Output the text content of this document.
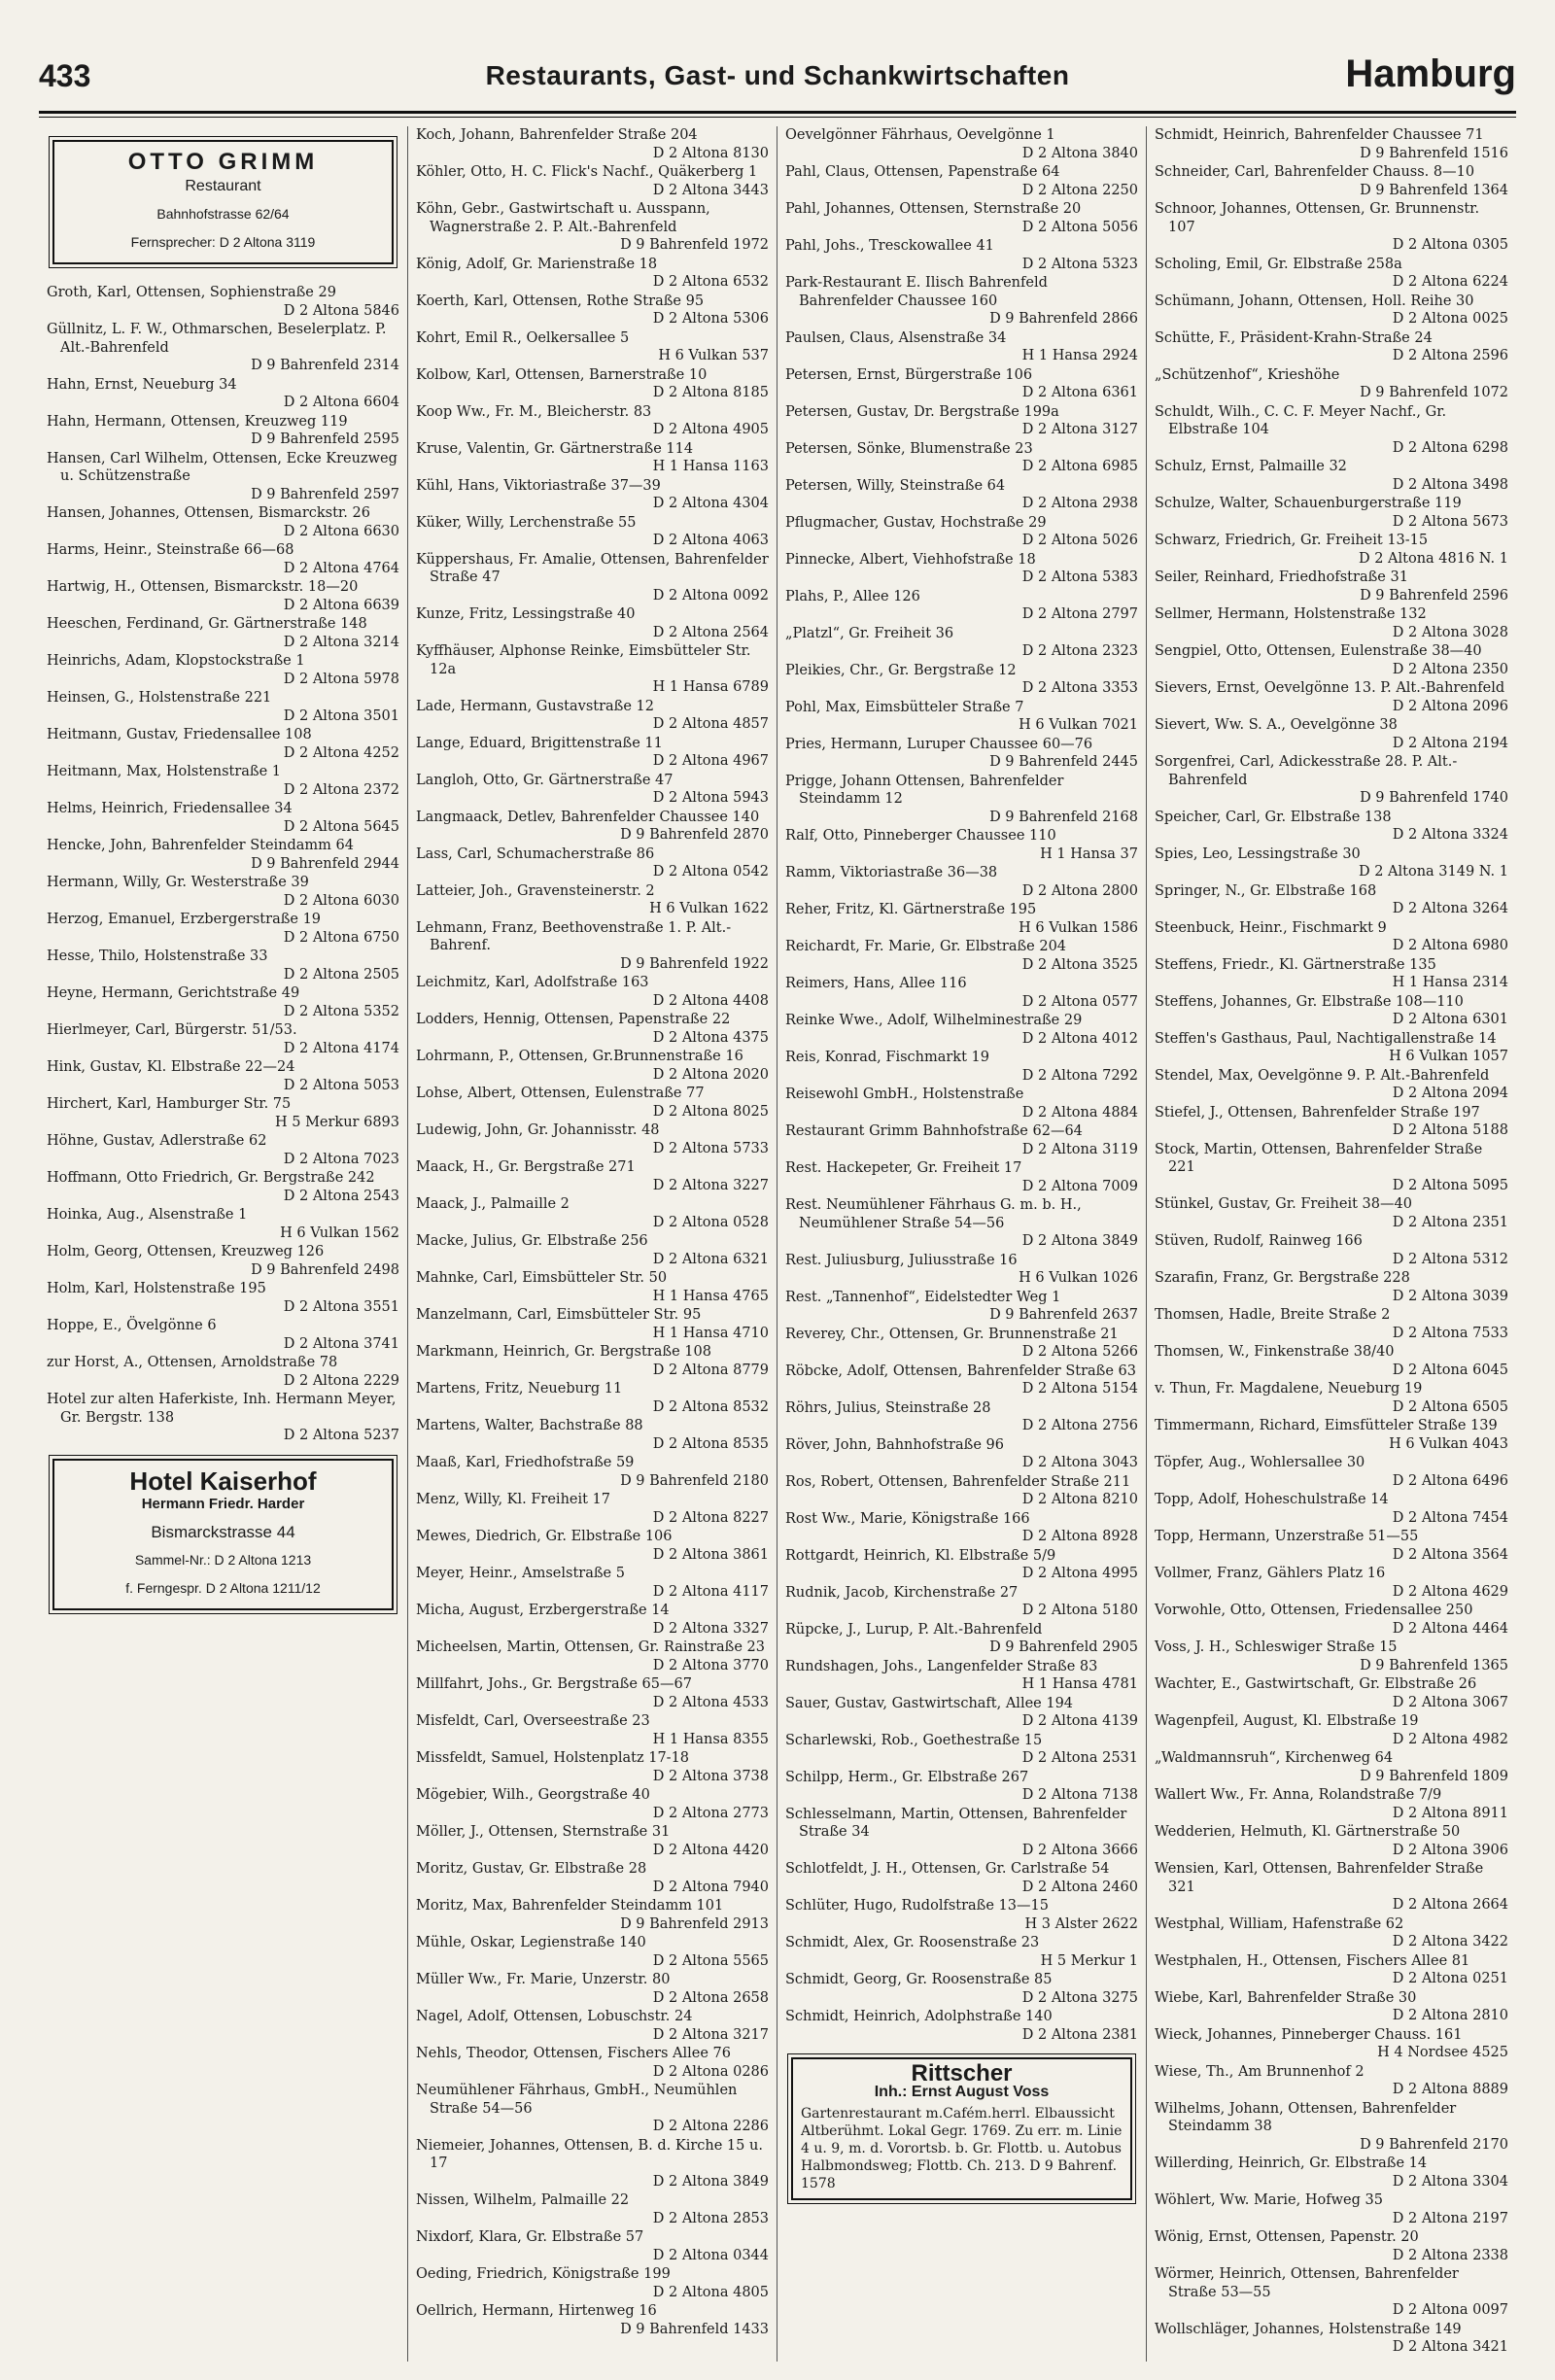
433	Restaurants, Gast- und Schankwirtschaften	Hamburg
OTTO GRIMM
Restaurant
Bahnhofstrasse 62/64
Fernsprecher: D 2 Altona 3119
Groth, Karl, Ottensen, Sophienstraße 29
D 2 Altona 5846
Güllnitz, L. F. W., Othmarschen, Beselerplatz. P. Alt.-Bahrenfeld
D 9 Bahrenfeld 2314
Hahn, Ernst, Neueburg 34
D 2 Altona 6604
Hahn, Hermann, Ottensen, Kreuzweg 119
D 9 Bahrenfeld 2595
Hansen, Carl Wilhelm, Ottensen, Ecke Kreuzweg u. Schützenstraße
D 9 Bahrenfeld 2597
Hansen, Johannes, Ottensen, Bismarckstr. 26
D 2 Altona 6630
Harms, Heinr., Steinstraße 66—68
D 2 Altona 4764
Hartwig, H., Ottensen, Bismarckstr. 18—20
D 2 Altona 6639
Heeschen, Ferdinand, Gr. Gärtnerstraße 148
D 2 Altona 3214
Heinrichs, Adam, Klopstockstraße 1
D 2 Altona 5978
Heinsen, G., Holstenstraße 221
D 2 Altona 3501
Heitmann, Gustav, Friedensallee 108
D 2 Altona 4252
Heitmann, Max, Holstenstraße 1
D 2 Altona 2372
Helms, Heinrich, Friedensallee 34
D 2 Altona 5645
Hencke, John, Bahrenfelder Steindamm 64
D 9 Bahrenfeld 2944
Hermann, Willy, Gr. Westerstraße 39
D 2 Altona 6030
Herzog, Emanuel, Erzbergerstraße 19
D 2 Altona 6750
Hesse, Thilo, Holstenstraße 33
D 2 Altona 2505
Heyne, Hermann, Gerichtstraße 49
D 2 Altona 5352
Hierlmeyer, Carl, Bürgerstr. 51/53.
D 2 Altona 4174
Hink, Gustav, Kl. Elbstraße 22—24
D 2 Altona 5053
Hirchert, Karl, Hamburger Str. 75
H 5 Merkur 6893
Höhne, Gustav, Adlerstraße 62
D 2 Altona 7023
Hoffmann, Otto Friedrich, Gr. Bergstraße 242
D 2 Altona 2543
Hoinka, Aug., Alsenstraße 1
H 6 Vulkan 1562
Holm, Georg, Ottensen, Kreuzweg 126
D 9 Bahrenfeld 2498
Holm, Karl, Holstenstraße 195
D 2 Altona 3551
Hoppe, E., Övelgönne 6
D 2 Altona 3741
zur Horst, A., Ottensen, Arnoldstraße 78
D 2 Altona 2229
Hotel zur alten Haferkiste, Inh. Hermann Meyer, Gr. Bergstr. 138
D 2 Altona 5237
Hotel Kaiserhof
Hermann Friedr. Harder
Bismarckstrasse 44
Sammel-Nr.: D 2 Altona 1213
f. Ferngespr. D 2 Altona 1211/12
Koch, Johann, Bahrenfelder Straße 204
D 2 Altona 8130
Köhler, Otto, H. C. Flick's Nachf., Quäkerberg 1
D 2 Altona 3443
Köhn, Gebr., Gastwirtschaft u. Ausspann, Wagnerstraße 2. P. Alt.-Bahrenfeld
D 9 Bahrenfeld 1972
König, Adolf, Gr. Marienstraße 18
D 2 Altona 6532
Koerth, Karl, Ottensen, Rothe Straße 95
D 2 Altona 5306
Kohrt, Emil R., Oelkersallee 5
H 6 Vulkan 537
Kolbow, Karl, Ottensen, Barnerstraße 10
D 2 Altona 8185
Koop Ww., Fr. M., Bleicherstr. 83
D 2 Altona 4905
Kruse, Valentin, Gr. Gärtnerstraße 114
H 1 Hansa 1163
Kühl, Hans, Viktoriastraße 37—39
D 2 Altona 4304
Küker, Willy, Lerchenstraße 55
D 2 Altona 4063
Küppershaus, Fr. Amalie, Ottensen, Bahrenfelder Straße 47
D 2 Altona 0092
Kunze, Fritz, Lessingstraße 40
D 2 Altona 2564
Kyffhäuser, Alphonse Reinke, Eimsbütteler Str. 12a
H 1 Hansa 6789
Lade, Hermann, Gustavstraße 12
D 2 Altona 4857
Lange, Eduard, Brigittenstraße 11
D 2 Altona 4967
Langloh, Otto, Gr. Gärtnerstraße 47
D 2 Altona 5943
Langmaack, Detlev, Bahrenfelder Chaussee 140
D 9 Bahrenfeld 2870
Lass, Carl, Schumacherstraße 86
D 2 Altona 0542
Latteier, Joh., Gravensteinerstr. 2
H 6 Vulkan 1622
Lehmann, Franz, Beethovenstraße 1. P. Alt.-Bahrenf.
D 9 Bahrenfeld 1922
Leichmitz, Karl, Adolfstraße 163
D 2 Altona 4408
Lodders, Hennig, Ottensen, Papenstraße 22
D 2 Altona 4375
Lohrmann, P., Ottensen, Gr.Brunnenstraße 16
D 2 Altona 2020
Lohse, Albert, Ottensen, Eulenstraße 77
D 2 Altona 8025
Ludewig, John, Gr. Johannisstr. 48
D 2 Altona 5733
Maack, H., Gr. Bergstraße 271
D 2 Altona 3227
Maack, J., Palmaille 2
D 2 Altona 0528
Macke, Julius, Gr. Elbstraße 256
D 2 Altona 6321
Mahnke, Carl, Eimsbütteler Str. 50
H 1 Hansa 4765
Manzelmann, Carl, Eimsbütteler Str. 95
H 1 Hansa 4710
Markmann, Heinrich, Gr. Bergstraße 108
D 2 Altona 8779
Martens, Fritz, Neueburg 11
D 2 Altona 8532
Martens, Walter, Bachstraße 88
D 2 Altona 8535
Maaß, Karl, Friedhofstraße 59
D 9 Bahrenfeld 2180
Menz, Willy, Kl. Freiheit 17
D 2 Altona 8227
Mewes, Diedrich, Gr. Elbstraße 106
D 2 Altona 3861
Meyer, Heinr., Amselstraße 5
D 2 Altona 4117
Micha, August, Erzbergerstraße 14
D 2 Altona 3327
Micheelsen, Martin, Ottensen, Gr. Rainstraße 23
D 2 Altona 3770
Millfahrt, Johs., Gr. Bergstraße 65—67
D 2 Altona 4533
Misfeldt, Carl, Overseestraße 23
H 1 Hansa 8355
Missfeldt, Samuel, Holstenplatz 17-18
D 2 Altona 3738
Mögebier, Wilh., Georgstraße 40
D 2 Altona 2773
Möller, J., Ottensen, Sternstraße 31
D 2 Altona 4420
Moritz, Gustav, Gr. Elbstraße 28
D 2 Altona 7940
Moritz, Max, Bahrenfelder Steindamm 101
D 9 Bahrenfeld 2913
Mühle, Oskar, Legienstraße 140
D 2 Altona 5565
Müller Ww., Fr. Marie, Unzerstr. 80
D 2 Altona 2658
Nagel, Adolf, Ottensen, Lobuschstr. 24
D 2 Altona 3217
Nehls, Theodor, Ottensen, Fischers Allee 76
D 2 Altona 0286
Neumühlener Fährhaus, GmbH., Neumühlen Straße 54—56
D 2 Altona 2286
Niemeier, Johannes, Ottensen, B. d. Kirche 15 u. 17
D 2 Altona 3849
Nissen, Wilhelm, Palmaille 22
D 2 Altona 2853
Nixdorf, Klara, Gr. Elbstraße 57
D 2 Altona 0344
Oeding, Friedrich, Königstraße 199
D 2 Altona 4805
Oellrich, Hermann, Hirtenweg 16
D 9 Bahrenfeld 1433
Oevelgönner Fährhaus, Oevelgönne 1
D 2 Altona 3840
Pahl, Claus, Ottensen, Papenstraße 64
D 2 Altona 2250
Pahl, Johannes, Ottensen, Sternstraße 20
D 2 Altona 5056
Pahl, Johs., Tresckowallee 41
D 2 Altona 5323
Park-Restaurant E. Ilisch Bahrenfeld Bahrenfelder Chaussee 160
D 9 Bahrenfeld 2866
Paulsen, Claus, Alsenstraße 34
H 1 Hansa 2924
Petersen, Ernst, Bürgerstraße 106
D 2 Altona 6361
Petersen, Gustav, Dr. Bergstraße 199a
D 2 Altona 3127
Petersen, Sönke, Blumenstraße 23
D 2 Altona 6985
Petersen, Willy, Steinstraße 64
D 2 Altona 2938
Pflugmacher, Gustav, Hochstraße 29
D 2 Altona 5026
Pinnecke, Albert, Viehhofstraße 18
D 2 Altona 5383
Plahs, P., Allee 126
D 2 Altona 2797
„Platzl“, Gr. Freiheit 36
D 2 Altona 2323
Pleikies, Chr., Gr. Bergstraße 12
D 2 Altona 3353
Pohl, Max, Eimsbütteler Straße 7
H 6 Vulkan 7021
Pries, Hermann, Luruper Chaussee 60—76
D 9 Bahrenfeld 2445
Prigge, Johann Ottensen, Bahrenfelder Steindamm 12
D 9 Bahrenfeld 2168
Ralf, Otto, Pinneberger Chaussee 110
H 1 Hansa 37
Ramm, Viktoriastraße 36—38
D 2 Altona 2800
Reher, Fritz, Kl. Gärtnerstraße 195
H 6 Vulkan 1586
Reichardt, Fr. Marie, Gr. Elbstraße 204
D 2 Altona 3525
Reimers, Hans, Allee 116
D 2 Altona 0577
Reinke Wwe., Adolf, Wilhelminestraße 29
D 2 Altona 4012
Reis, Konrad, Fischmarkt 19
D 2 Altona 7292
Reisewohl GmbH., Holstenstraße
D 2 Altona 4884
Restaurant Grimm Bahnhofstraße 62—64
D 2 Altona 3119
Rest. Hackepeter, Gr. Freiheit 17
D 2 Altona 7009
Rest. Neumühlener Fährhaus G. m. b. H., Neumühlener Straße 54—56
D 2 Altona 3849
Rest. Juliusburg, Juliusstraße 16
H 6 Vulkan 1026
Rest. „Tannenhof“, Eidelstedter Weg 1
D 9 Bahrenfeld 2637
Reverey, Chr., Ottensen, Gr. Brunnenstraße 21
D 2 Altona 5266
Röbcke, Adolf, Ottensen, Bahrenfelder Straße 63
D 2 Altona 5154
Röhrs, Julius, Steinstraße 28
D 2 Altona 2756
Röver, John, Bahnhofstraße 96
D 2 Altona 3043
Ros, Robert, Ottensen, Bahrenfelder Straße 211
D 2 Altona 8210
Rost Ww., Marie, Königstraße 166
D 2 Altona 8928
Rottgardt, Heinrich, Kl. Elbstraße 5/9
D 2 Altona 4995
Rudnik, Jacob, Kirchenstraße 27
D 2 Altona 5180
Rüpcke, J., Lurup, P. Alt.-Bahrenfeld
D 9 Bahrenfeld 2905
Rundshagen, Johs., Langenfelder Straße 83
H 1 Hansa 4781
Sauer, Gustav, Gastwirtschaft, Allee 194
D 2 Altona 4139
Scharlewski, Rob., Goethestraße 15
D 2 Altona 2531
Schilpp, Herm., Gr. Elbstraße 267
D 2 Altona 7138
Schlesselmann, Martin, Ottensen, Bahrenfelder Straße 34
D 2 Altona 3666
Schlotfeldt, J. H., Ottensen, Gr. Carlstraße 54
D 2 Altona 2460
Schlüter, Hugo, Rudolfstraße 13—15
H 3 Alster 2622
Schmidt, Alex, Gr. Roosenstraße 23
H 5 Merkur 1
Schmidt, Georg, Gr. Roosenstraße 85
D 2 Altona 3275
Schmidt, Heinrich, Adolphstraße 140
D 2 Altona 2381
Rittscher
Inh.: Ernst August Voss
Gartenrestaurant m.Cafém.herrl. Elbaussicht Altberühmt. Lokal Gegr. 1769. Zu err. m. Linie 4 u. 9, m. d. Vorortsb. b. Gr. Flottb. u. Autobus Halbmondsweg; Flottb. Ch. 213. D 9 Bahrenf. 1578
Schmidt, Heinrich, Bahrenfelder Chaussee 71
D 9 Bahrenfeld 1516
Schneider, Carl, Bahrenfelder Chauss. 8—10
D 9 Bahrenfeld 1364
Schnoor, Johannes, Ottensen, Gr. Brunnenstr. 107
D 2 Altona 0305
Scholing, Emil, Gr. Elbstraße 258a
D 2 Altona 6224
Schümann, Johann, Ottensen, Holl. Reihe 30
D 2 Altona 0025
Schütte, F., Präsident-Krahn-Straße 24
D 2 Altona 2596
„Schützenhof“, Krieshöhe
D 9 Bahrenfeld 1072
Schuldt, Wilh., C. C. F. Meyer Nachf., Gr. Elbstraße 104
D 2 Altona 6298
Schulz, Ernst, Palmaille 32
D 2 Altona 3498
Schulze, Walter, Schauenburgerstraße 119
D 2 Altona 5673
Schwarz, Friedrich, Gr. Freiheit 13-15
D 2 Altona 4816 N. 1
Seiler, Reinhard, Friedhofstraße 31
D 9 Bahrenfeld 2596
Sellmer, Hermann, Holstenstraße 132
D 2 Altona 3028
Sengpiel, Otto, Ottensen, Eulenstraße 38—40
D 2 Altona 2350
Sievers, Ernst, Oevelgönne 13. P. Alt.-Bahrenfeld
D 2 Altona 2096
Sievert, Ww. S. A., Oevelgönne 38
D 2 Altona 2194
Sorgenfrei, Carl, Adickesstraße 28. P. Alt.-Bahrenfeld
D 9 Bahrenfeld 1740
Speicher, Carl, Gr. Elbstraße 138
D 2 Altona 3324
Spies, Leo, Lessingstraße 30
D 2 Altona 3149 N. 1
Springer, N., Gr. Elbstraße 168
D 2 Altona 3264
Steenbuck, Heinr., Fischmarkt 9
D 2 Altona 6980
Steffens, Friedr., Kl. Gärtnerstraße 135
H 1 Hansa 2314
Steffens, Johannes, Gr. Elbstraße 108—110
D 2 Altona 6301
Steffen's Gasthaus, Paul, Nachtigallenstraße 14
H 6 Vulkan 1057
Stendel, Max, Oevelgönne 9. P. Alt.-Bahrenfeld
D 2 Altona 2094
Stiefel, J., Ottensen, Bahrenfelder Straße 197
D 2 Altona 5188
Stock, Martin, Ottensen, Bahrenfelder Straße 221
D 2 Altona 5095
Stünkel, Gustav, Gr. Freiheit 38—40
D 2 Altona 2351
Stüven, Rudolf, Rainweg 166
D 2 Altona 5312
Szarafin, Franz, Gr. Bergstraße 228
D 2 Altona 3039
Thomsen, Hadle, Breite Straße 2
D 2 Altona 7533
Thomsen, W., Finkenstraße 38/40
D 2 Altona 6045
v. Thun, Fr. Magdalene, Neueburg 19
D 2 Altona 6505
Timmermann, Richard, Eimsfütteler Straße 139
H 6 Vulkan 4043
Töpfer, Aug., Wohlersallee 30
D 2 Altona 6496
Topp, Adolf, Hoheschulstraße 14
D 2 Altona 7454
Topp, Hermann, Unzerstraße 51—55
D 2 Altona 3564
Vollmer, Franz, Gählers Platz 16
D 2 Altona 4629
Vorwohle, Otto, Ottensen, Friedensallee 250
D 2 Altona 4464
Voss, J. H., Schleswiger Straße 15
D 9 Bahrenfeld 1365
Wachter, E., Gastwirtschaft, Gr. Elbstraße 26
D 2 Altona 3067
Wagenpfeil, August, Kl. Elbstraße 19
D 2 Altona 4982
„Waldmannsruh“, Kirchenweg 64
D 9 Bahrenfeld 1809
Wallert Ww., Fr. Anna, Rolandstraße 7/9
D 2 Altona 8911
Wedderien, Helmuth, Kl. Gärtnerstraße 50
D 2 Altona 3906
Wensien, Karl, Ottensen, Bahrenfelder Straße 321
D 2 Altona 2664
Westphal, William, Hafenstraße 62
D 2 Altona 3422
Westphalen, H., Ottensen, Fischers Allee 81
D 2 Altona 0251
Wiebe, Karl, Bahrenfelder Straße 30
D 2 Altona 2810
Wieck, Johannes, Pinneberger Chauss. 161
H 4 Nordsee 4525
Wiese, Th., Am Brunnenhof 2
D 2 Altona 8889
Wilhelms, Johann, Ottensen, Bahrenfelder Steindamm 38
D 9 Bahrenfeld 2170
Willerding, Heinrich, Gr. Elbstraße 14
D 2 Altona 3304
Wöhlert, Ww. Marie, Hofweg 35
D 2 Altona 2197
Wönig, Ernst, Ottensen, Papenstr. 20
D 2 Altona 2338
Wörmer, Heinrich, Ottensen, Bahrenfelder Straße 53—55
D 2 Altona 0097
Wollschläger, Johannes, Holstenstraße 149
D 2 Altona 3421
